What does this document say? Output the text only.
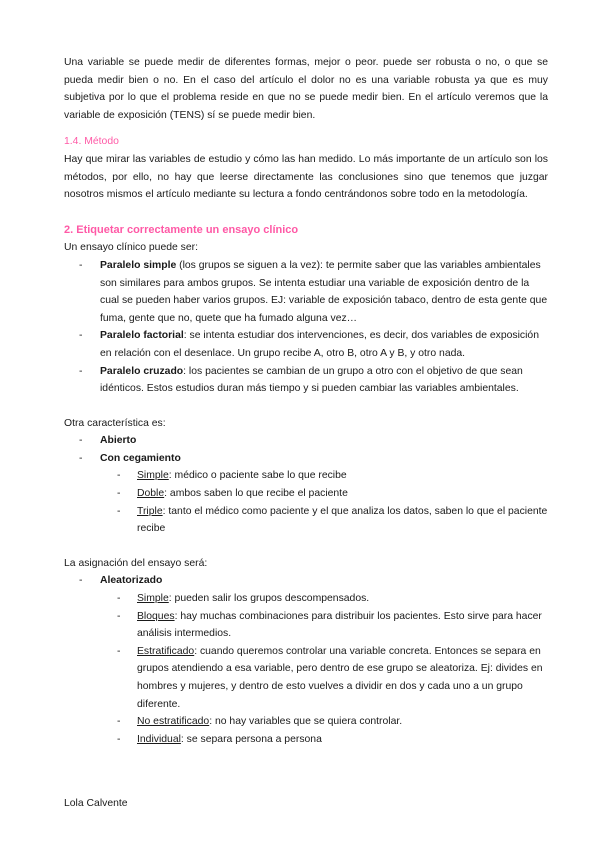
Una variable se puede medir de diferentes formas, mejor o peor. puede ser robusta o no, o que se pueda medir bien o no. En el caso del artículo el dolor no es una variable robusta ya que es muy subjetiva por lo que el problema reside en que no se puede medir bien. En el artículo veremos que la variable de exposición (TENS) sí se puede medir bien.

1.4. Método

Hay que mirar las variables de estudio y cómo las han medido. Lo más importante de un artículo son los métodos, por ello, no hay que leerse directamente las conclusiones sino que tenemos que juzgar nosotros mismos el artículo mediante su lectura a fondo centrándonos sobre todo en la metodología.

2. Etiquetar correctamente un ensayo clínico

Un ensayo clínico puede ser:

- Paralelo simple (los grupos se siguen a la vez): te permite saber que las variables ambientales son similares para ambos grupos. Se intenta estudiar una variable de exposición dentro de la cual se pueden haber varios grupos. EJ: variable de exposición tabaco, dentro de esta gente que fuma, gente que no, quete que ha fumado alguna vez…
- Paralelo factorial: se intenta estudiar dos intervenciones, es decir, dos variables de exposición en relación con el desenlace. Un grupo recibe A, otro B, otro A y B, y otro nada.
- Paralelo cruzado: los pacientes se cambian de un grupo a otro con el objetivo de que sean idénticos. Estos estudios duran más tiempo y si pueden cambiar las variables ambientales.

Otra característica es:

- Abierto
- Con cegamiento
- Simple: médico o paciente sabe lo que recibe
- Doble: ambos saben lo que recibe el paciente
- Triple: tanto el médico como paciente y el que analiza los datos, saben lo que el paciente recibe

La asignación del ensayo será:

- Aleatorizado
- Simple: pueden salir los grupos descompensados.
- Bloques: hay muchas combinaciones para distribuir los pacientes. Esto sirve para hacer análisis intermedios.
- Estratificado: cuando queremos controlar una variable concreta. Entonces se separa en grupos atendiendo a esa variable, pero dentro de ese grupo se aleatoriza. Ej: divides en hombres y mujeres, y dentro de esto vuelves a dividir en dos y cada uno a un grupo diferente.
- No estratificado: no hay variables que se quiera controlar.
- Individual: se separa persona a persona

Lola Calvente
